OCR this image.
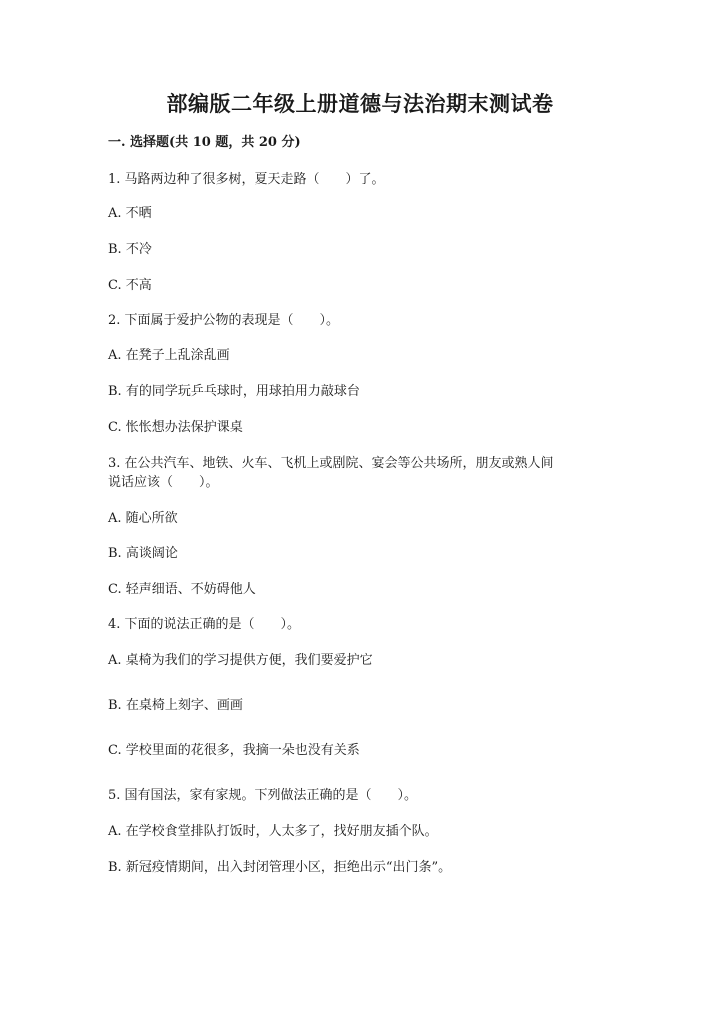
部编版二年级上册道德与法治期末测试卷
一. 选择题(共 10 题，共 20 分)
1. 马路两边种了很多树，夏天走路（　　）了。
A. 不晒
B. 不冷
C. 不高
2. 下面属于爱护公物的表现是（　　）。
A. 在凳子上乱涂乱画
B. 有的同学玩乒乓球时，用球拍用力敲球台
C. 怅怅想办法保护课桌
3. 在公共汽车、地铁、火车、飞机上或剧院、宴会等公共场所，朋友或熟人间
说话应该（　　）。
A. 随心所欲
B. 高谈阔论
C. 轻声细语、不妨碍他人
4. 下面的说法正确的是（　　）。
A. 桌椅为我们的学习提供方便，我们要爱护它
B. 在桌椅上刻字、画画
C. 学校里面的花很多，我摘一朵也没有关系
5. 国有国法，家有家规。下列做法正确的是（　　）。
A. 在学校食堂排队打饭时，人太多了，找好朋友插个队。
B. 新冠疫情期间，出入封闭管理小区，拒绝出示“出门条”。
